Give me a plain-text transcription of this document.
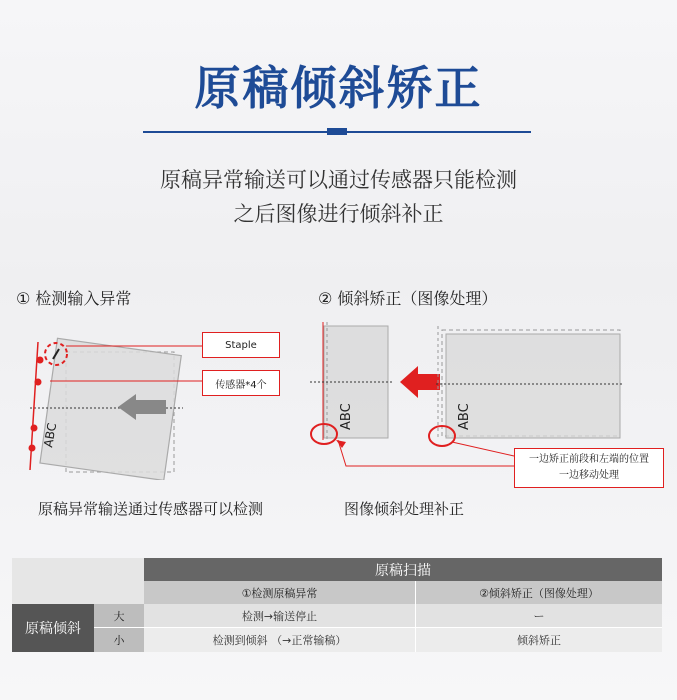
原稿倾斜矫正
原稿异常输送可以通过传感器只能检测
之后图像进行倾斜补正
① 检测输入异常	② 倾斜矫正（图像处理）
ABC
Staple
传感器*4个
ABC	ABC
一边矫正前段和左端的位置
一边移动处理
原稿异常输送通过传感器可以检测	图像倾斜处理补正
原稿扫描
①检测原稿异常	②倾斜矫正（图像处理）
原稿倾斜
大	检测→输送停止	ー
小	检测到倾斜 （→正常输稿）	倾斜矫正
